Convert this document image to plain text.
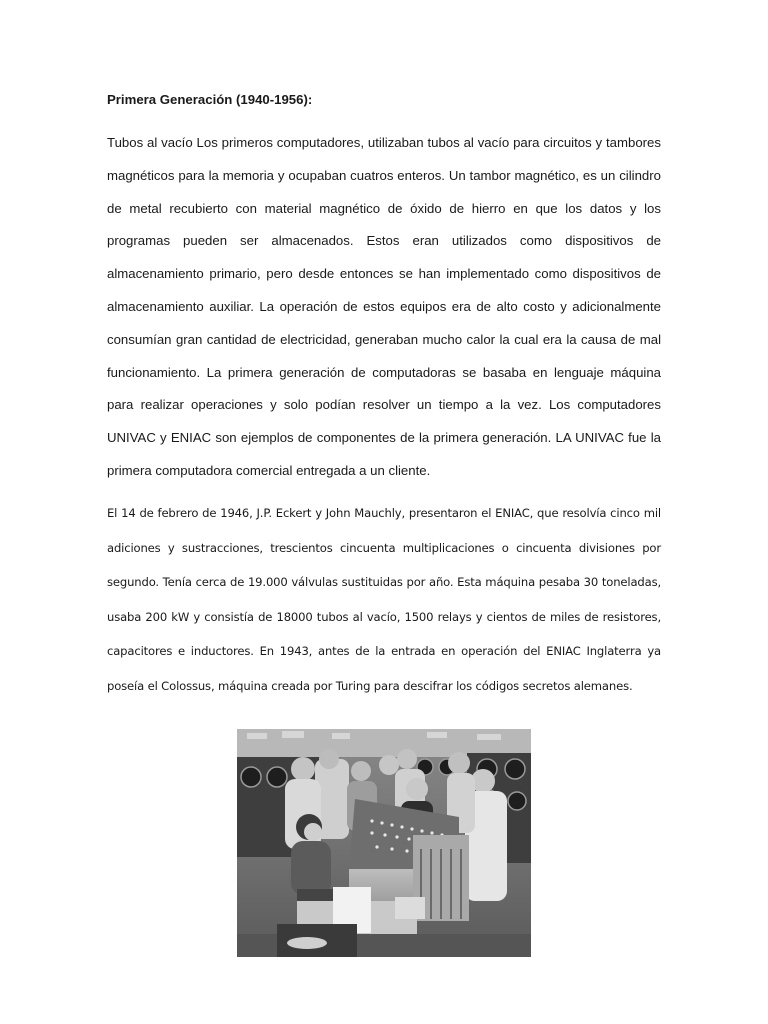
Primera Generación (1940-1956):

Tubos al vacío Los primeros computadores, utilizaban tubos al vacío para circuitos y tambores magnéticos para la memoria y ocupaban cuatros enteros. Un tambor magnético, es un cilindro de metal recubierto con material magnético de óxido de hierro en que los datos y los programas pueden ser almacenados. Estos eran utilizados como dispositivos de almacenamiento primario, pero desde entonces se han implementado como dispositivos de almacenamiento auxiliar. La operación de estos equipos era de alto costo y adicionalmente consumían gran cantidad de electricidad, generaban mucho calor la cual era la causa de mal funcionamiento. La primera generación de computadoras se basaba en lenguaje máquina para realizar operaciones y solo podían resolver un tiempo a la vez. Los computadores UNIVAC y ENIAC son ejemplos de componentes de la primera generación. LA UNIVAC fue la primera computadora comercial entregada a un cliente.

El 14 de febrero de 1946, J.P. Eckert y John Mauchly, presentaron el ENIAC, que resolvía cinco mil adiciones y sustracciones, trescientos cincuenta multiplicaciones o cincuenta divisiones por segundo. Tenía cerca de 19.000 válvulas sustituidas por año. Esta máquina pesaba 30 toneladas, usaba 200 kW y consistía de 18000 tubos al vacío, 1500 relays y cientos de miles de resistores, capacitores e inductores. En 1943, antes de la entrada en operación del ENIAC Inglaterra ya poseía el Colossus, máquina creada por Turing para descifrar los códigos secretos alemanes.
